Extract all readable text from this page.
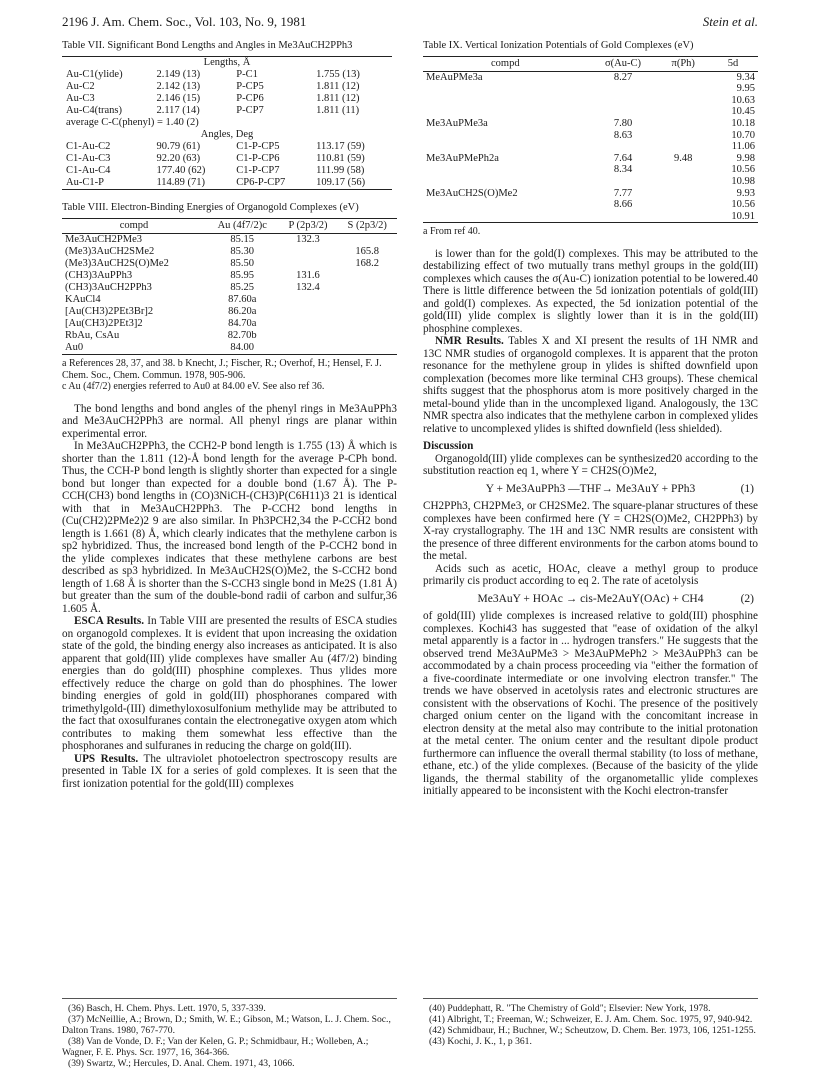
2196 J. Am. Chem. Soc., Vol. 103, No. 9, 1981	Stein et al.
Table VII. Significant Bond Lengths and Angles in Me3AuCH2PPh3
Lengths, Å			
Au-C1(ylide)	2.149 (13)	P-C1	1.755 (13)
Au-C2	2.142 (13)	P-CP5	1.811 (12)
Au-C3	2.146 (15)	P-CP6	1.811 (12)
Au-C4(trans)	2.117 (14)	P-CP7	1.811 (11)
average C-C(phenyl) = 1.40 (2)			
Angles, Deg			
C1-Au-C2	90.79 (61)	C1-P-CP5	113.17 (59)
C1-Au-C3	92.20 (63)	C1-P-CP6	110.81 (59)
C1-Au-C4	177.40 (62)	C1-P-CP7	111.99 (58)
Au-C1-P	114.89 (71)	CP6-P-CP7	109.17 (56)
Table VIII. Electron-Binding Energies of Organogold Complexes (eV)
compd	Au (4f7/2)c	P (2p3/2)	S (2p3/2)
Me3AuCH2PMe3	85.15	132.3	
(Me3)3AuCH2SMe2	85.30		165.8
(Me3)3AuCH2S(O)Me2	85.50		168.2
(CH3)3AuPPh3	85.95	131.6	
(CH3)3AuCH2PPh3	85.25	132.4	
KAuCl4	87.60a		
[Au(CH3)2PEt3Br]2	86.20a		
[Au(CH3)2PEt3]2	84.70a		
RbAu, CsAu	82.70b		
Au0	84.00		
a References 28, 37, and 38. b Knecht, J.; Fischer, R.; Overhof, H.; Hensel, F. J. Chem. Soc., Chem. Commun. 1978, 905-906.
c Au (4f7/2) energies referred to Au0 at 84.00 eV. See also ref 36.

The bond lengths and bond angles of the phenyl rings in Me3AuPPh3 and Me3AuCH2PPh3 are normal. All phenyl rings are planar within experimental error.

In Me3AuCH2PPh3, the CCH2-P bond length is 1.755 (13) Å which is shorter than the 1.811 (12)-Å bond length for the average P-CPh bond. Thus, the CCH-P bond length is slightly shorter than expected for a single bond but longer than expected for a double bond (1.67 Å). The P-CCH(CH3) bond lengths in (CO)3NiCH-(CH3)P(C6H11)3 21 is identical with that in Me3AuCH2PPh3. The P-CCH2 bond lengths in (Cu(CH2)2PMe2)2 9 are also similar. In Ph3PCH2,34 the P-CCH2 bond length is 1.661 (8) Å, which clearly indicates that the methylene carbon is sp2 hybridized. Thus, the increased bond length of the P-CCH2 bond in the ylide complexes indicates that these methylene carbons are best described as sp3 hybridized. In Me3AuCH2S(O)Me2, the S-CCH2 bond length of 1.68 Å is shorter than the S-CCH3 single bond in Me2S (1.81 Å) but greater than the sum of the double-bond radii of carbon and sulfur,36 1.605 Å.

ESCA Results. In Table VIII are presented the results of ESCA studies on organogold complexes. It is evident that upon increasing the oxidation state of the gold, the binding energy also increases as anticipated. It is also apparent that gold(III) ylide complexes have smaller Au (4f7/2) binding energies than do gold(III) phosphine complexes. Thus ylides more effectively reduce the charge on gold than do phosphines. The lower binding energies of gold in gold(III) phosphoranes compared with trimethylgold-(III) dimethyloxosulfonium methylide may be attributed to the fact that oxosulfuranes contain the electronegative oxygen atom which contributes to making them somewhat less effective than the phosphoranes and sulfuranes in reducing the charge on gold(III).

UPS Results. The ultraviolet photoelectron spectroscopy results are presented in Table IX for a series of gold complexes. It is seen that the first ionization potential for the gold(III) complexes

Table IX. Vertical Ionization Potentials of Gold Complexes (eV)
compd	σ(Au-C)	π(Ph)	5d
MeAuPMe3a	8.27		9.34
			9.95
			10.63
			10.45
Me3AuPMe3a	7.80		10.18
	8.63		10.70
			11.06
Me3AuPMePh2a	7.64	9.48	9.98
	8.34		10.56
			10.98
Me3AuCH2S(O)Me2	7.77		9.93
	8.66		10.56
			10.91
a From ref 40.

is lower than for the gold(I) complexes. This may be attributed to the destabilizing effect of two mutually trans methyl groups in the gold(III) complexes which causes the σ(Au-C) ionization potential to be lowered.40 There is little difference between the 5d ionization potentials of gold(III) and gold(I) complexes. As expected, the 5d ionization potential of the gold(III) ylide complex is slightly lower than it is in the gold(III) phosphine complexes.

NMR Results. Tables X and XI present the results of 1H NMR and 13C NMR studies of organogold complexes. It is apparent that the proton resonance for the methylene group in ylides is shifted downfield upon complexation (becomes more like terminal CH3 groups). These chemical shifts suggest that the phosphorus atom is more positively charged in the metal-bound ylide than in the uncomplexed ligand. Analogously, the 13C NMR spectra also indicates that the methylene carbon in complexed ylides relative to uncomplexed ylides is shifted downfield (less shielded).

Discussion

Organogold(III) ylide complexes can be synthesized20 according to the substitution reaction eq 1, where Y = CH2S(O)Me2,

Y + Me3AuPPh3 —THF→ Me3AuY + PPh3	(1)

CH2PPh3, CH2PMe3, or CH2SMe2. The square-planar structures of these complexes have been confirmed here (Y = CH2S(O)Me2, CH2PPh3) by X-ray crystallography. The 1H and 13C NMR results are consistent with the presence of three different environments for the carbon atoms bound to the metal.

Acids such as acetic, HOAc, cleave a methyl group to produce primarily cis product according to eq 2. The rate of acetolysis

Me3AuY + HOAc → cis-Me2AuY(OAc) + CH4	(2)

of gold(III) ylide complexes is increased relative to gold(III) phosphine complexes. Kochi43 has suggested that "ease of oxidation of the alkyl metal apparently is a factor in ... hydrogen transfers." He suggests that the observed trend Me3AuPMe3 > Me3AuPMePh2 > Me3AuPPh3 can be accommodated by a chain process proceeding via "either the formation of a five-coordinate intermediate or one involving electron transfer." The trends we have observed in acetolysis rates and electronic structures are consistent with the observations of Kochi. The presence of the positively charged onium center on the ligand with the concomitant increase in electron density at the metal also may contribute to the initial protonation at the metal center. The onium center and the resultant dipole product furthermore can influence the overall thermal stability (to loss of methane, ethane, etc.) of the ylide complexes. (Because of the basicity of the ylide ligands, the thermal stability of the organometallic ylide complexes initially appeared to be inconsistent with the Kochi electron-transfer

(36) Basch, H. Chem. Phys. Lett. 1970, 5, 337-339.
(37) McNeillie, A.; Brown, D.; Smith, W. E.; Gibson, M.; Watson, L. J. Chem. Soc., Dalton Trans. 1980, 767-770.
(38) Van de Vonde, D. F.; Van der Kelen, G. P.; Schmidbaur, H.; Wolleben, A.; Wagner, F. E. Phys. Scr. 1977, 16, 364-366.
(39) Swartz, W.; Hercules, D. Anal. Chem. 1971, 43, 1066.
(40) Puddephatt, R. "The Chemistry of Gold"; Elsevier: New York, 1978.
(41) Albright, T.; Freeman, W.; Schweizer, E. J. Am. Chem. Soc. 1975, 97, 940-942.
(42) Schmidbaur, H.; Buchner, W.; Scheutzow, D. Chem. Ber. 1973, 106, 1251-1255.
(43) Kochi, J. K., 1, p 361.
